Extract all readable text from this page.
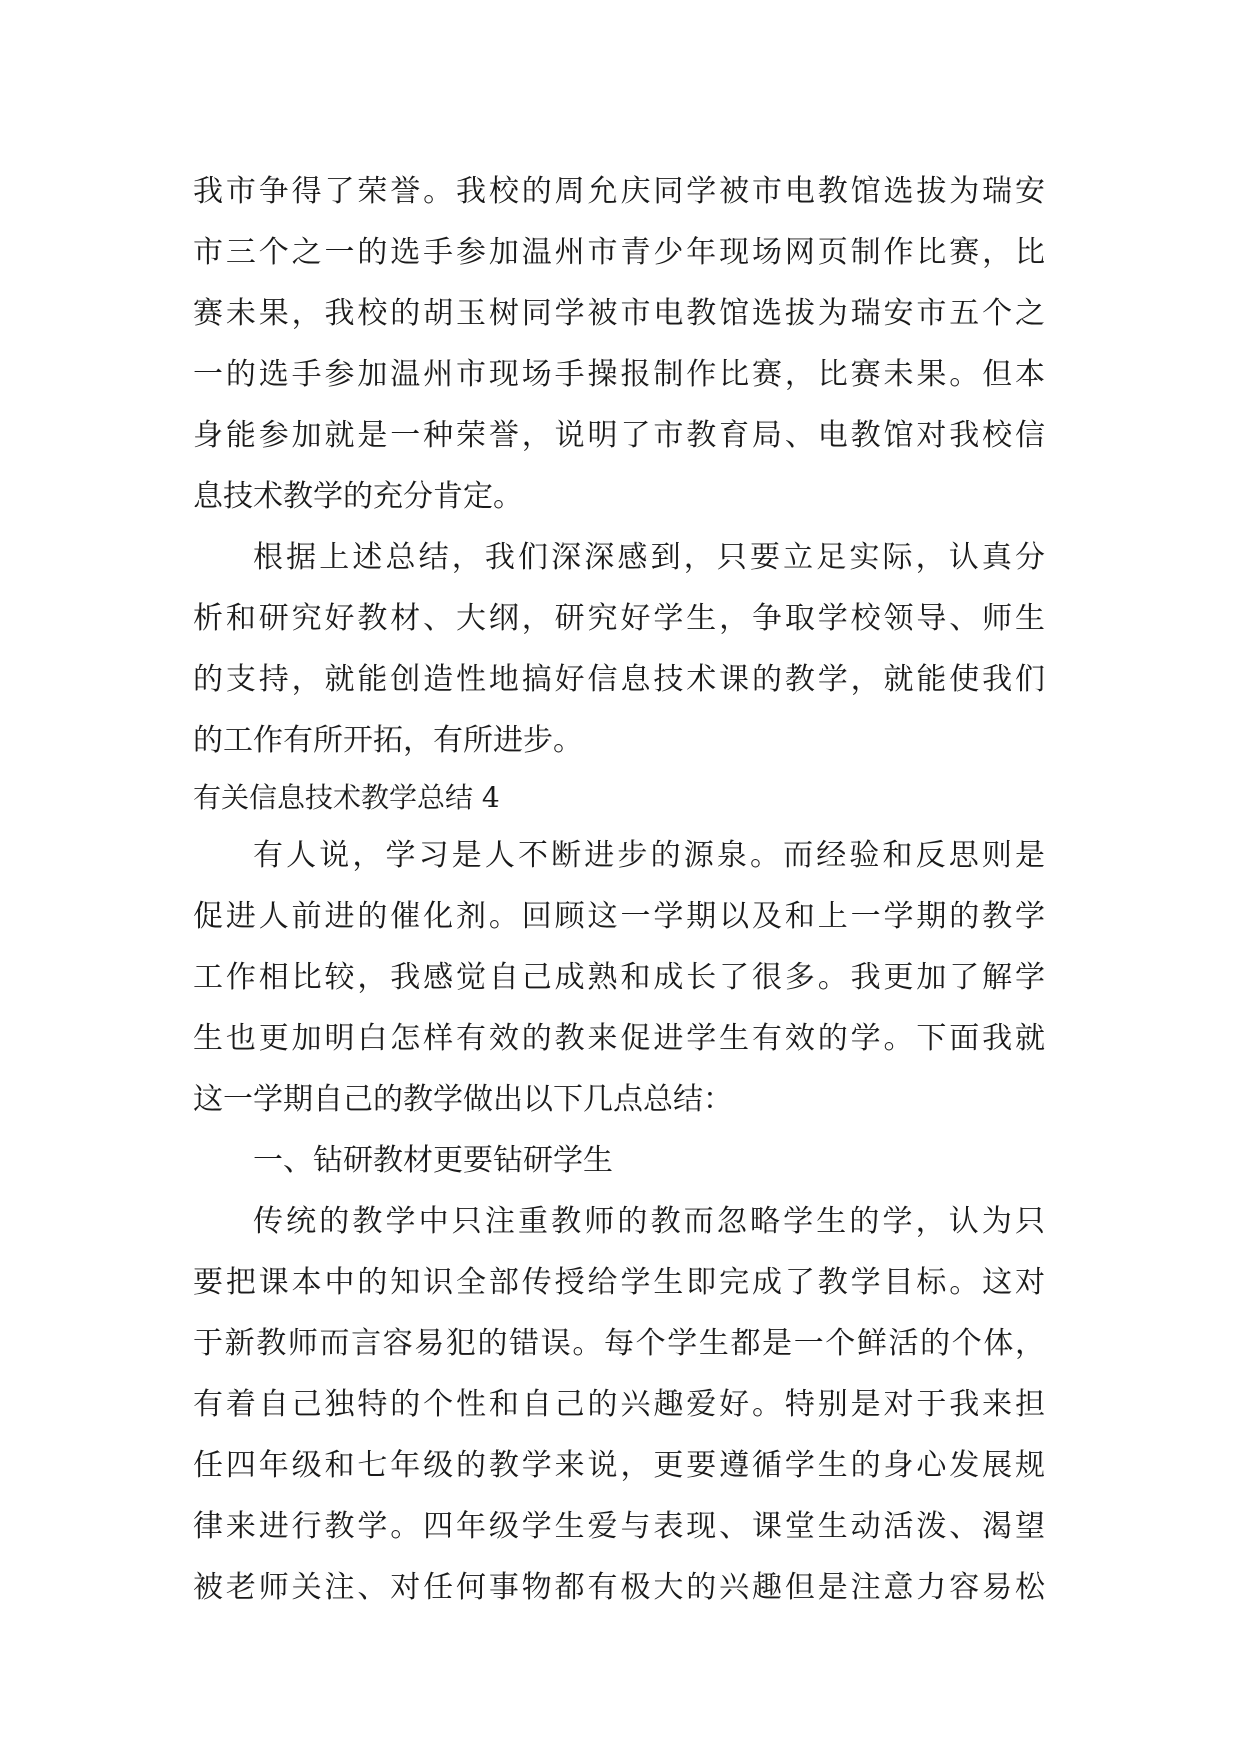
我市争得了荣誉。我校的周允庆同学被市电教馆选拔为瑞安
市三个之一的选手参加温州市青少年现场网页制作比赛，比
赛未果，我校的胡玉树同学被市电教馆选拔为瑞安市五个之
一的选手参加温州市现场手操报制作比赛，比赛未果。但本
身能参加就是一种荣誉，说明了市教育局、电教馆对我校信
息技术教学的充分肯定。
根据上述总结，我们深深感到，只要立足实际，认真分
析和研究好教材、大纲，研究好学生，争取学校领导、师生
的支持，就能创造性地搞好信息技术课的教学，就能使我们
的工作有所开拓，有所进步。
有关信息技术教学总结 4
有人说，学习是人不断进步的源泉。而经验和反思则是
促进人前进的催化剂。回顾这一学期以及和上一学期的教学
工作相比较，我感觉自己成熟和成长了很多。我更加了解学
生也更加明白怎样有效的教来促进学生有效的学。下面我就
这一学期自己的教学做出以下几点总结：
一、钻研教材更要钻研学生
传统的教学中只注重教师的教而忽略学生的学，认为只
要把课本中的知识全部传授给学生即完成了教学目标。这对
于新教师而言容易犯的错误。每个学生都是一个鲜活的个体，
有着自己独特的个性和自己的兴趣爱好。特别是对于我来担
任四年级和七年级的教学来说，更要遵循学生的身心发展规
律来进行教学。四年级学生爱与表现、课堂生动活泼、渴望
被老师关注、对任何事物都有极大的兴趣但是注意力容易松
